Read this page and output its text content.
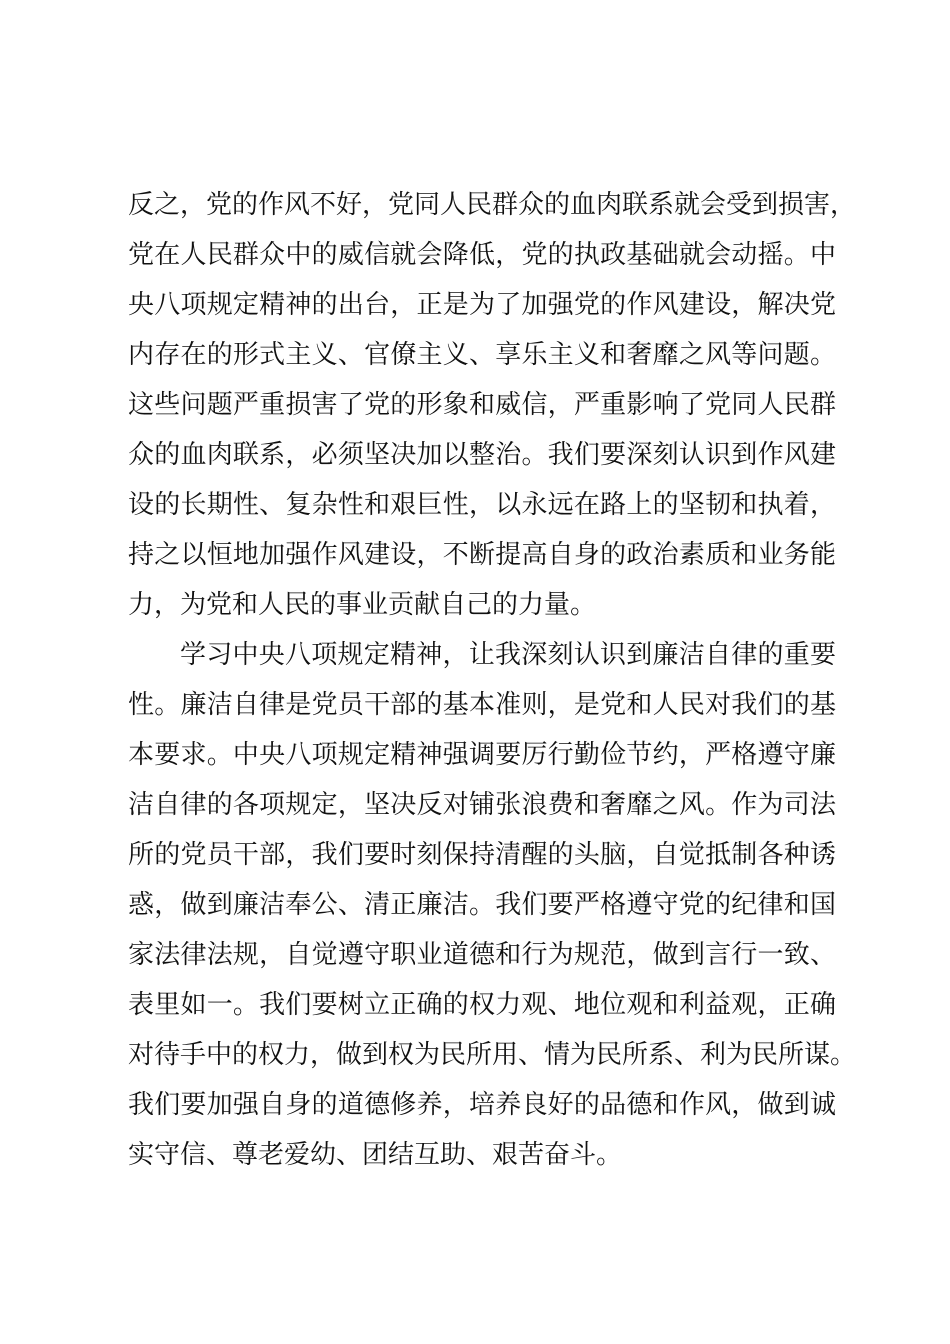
反之，党的作风不好，党同人民群众的血肉联系就会受到损害，
党在人民群众中的威信就会降低，党的执政基础就会动摇。中
央八项规定精神的出台，正是为了加强党的作风建设，解决党
内存在的形式主义、官僚主义、享乐主义和奢靡之风等问题。
这些问题严重损害了党的形象和威信，严重影响了党同人民群
众的血肉联系，必须坚决加以整治。我们要深刻认识到作风建
设的长期性、复杂性和艰巨性，以永远在路上的坚韧和执着，
持之以恒地加强作风建设，不断提高自身的政治素质和业务能
力，为党和人民的事业贡献自己的力量。
学习中央八项规定精神，让我深刻认识到廉洁自律的重要
性。廉洁自律是党员干部的基本准则，是党和人民对我们的基
本要求。中央八项规定精神强调要厉行勤俭节约，严格遵守廉
洁自律的各项规定，坚决反对铺张浪费和奢靡之风。作为司法
所的党员干部，我们要时刻保持清醒的头脑，自觉抵制各种诱
惑，做到廉洁奉公、清正廉洁。我们要严格遵守党的纪律和国
家法律法规，自觉遵守职业道德和行为规范，做到言行一致、
表里如一。我们要树立正确的权力观、地位观和利益观，正确
对待手中的权力，做到权为民所用、情为民所系、利为民所谋。
我们要加强自身的道德修养，培养良好的品德和作风，做到诚
实守信、尊老爱幼、团结互助、艰苦奋斗。
